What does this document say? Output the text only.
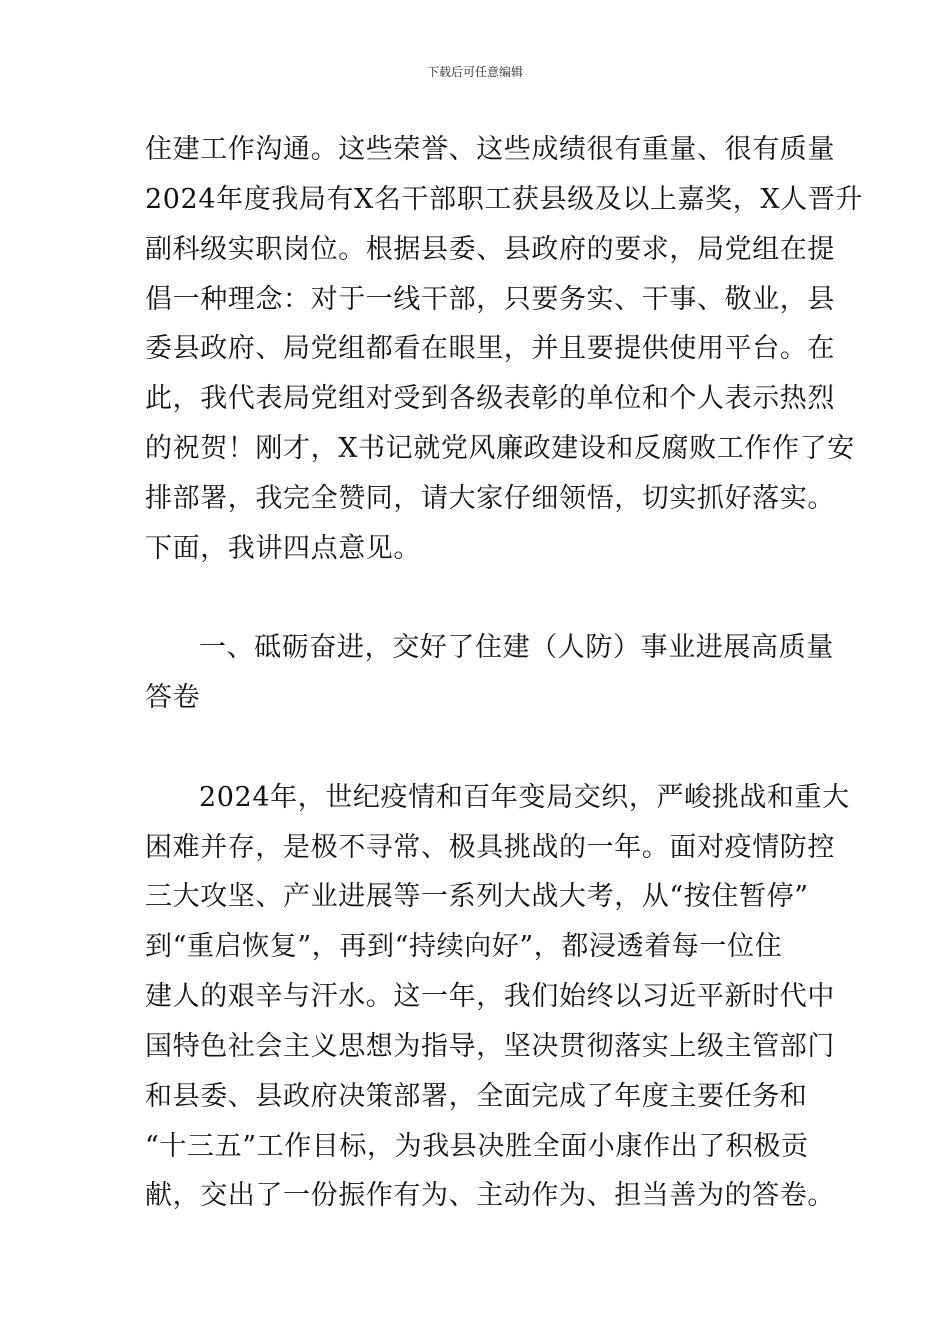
下载后可任意编辑
住建工作沟通。这些荣誉、这些成绩很有重量、很有质量
2024年度我局有X名干部职工获县级及以上嘉奖，X人晋升
副科级实职岗位。根据县委、县政府的要求，局党组在提
倡一种理念：对于一线干部，只要务实、干事、敬业，县
委县政府、局党组都看在眼里，并且要提供使用平台。在
此，我代表局党组对受到各级表彰的单位和个人表示热烈
的祝贺！刚才，X书记就党风廉政建设和反腐败工作作了安
排部署，我完全赞同，请大家仔细领悟，切实抓好落实。
下面，我讲四点意见。
一、砥砺奋进，交好了住建（人防）事业进展高质量
答卷
2024年，世纪疫情和百年变局交织，严峻挑战和重大
困难并存，是极不寻常、极具挑战的一年。面对疫情防控
三大攻坚、产业进展等一系列大战大考，从“按住暂停”
到“重启恢复”，再到“持续向好”，都浸透着每一位住
建人的艰辛与汗水。这一年，我们始终以习近平新时代中
国特色社会主义思想为指导，坚决贯彻落实上级主管部门
和县委、县政府决策部署，全面完成了年度主要任务和
“十三五”工作目标，为我县决胜全面小康作出了积极贡
献，交出了一份振作有为、主动作为、担当善为的答卷。
